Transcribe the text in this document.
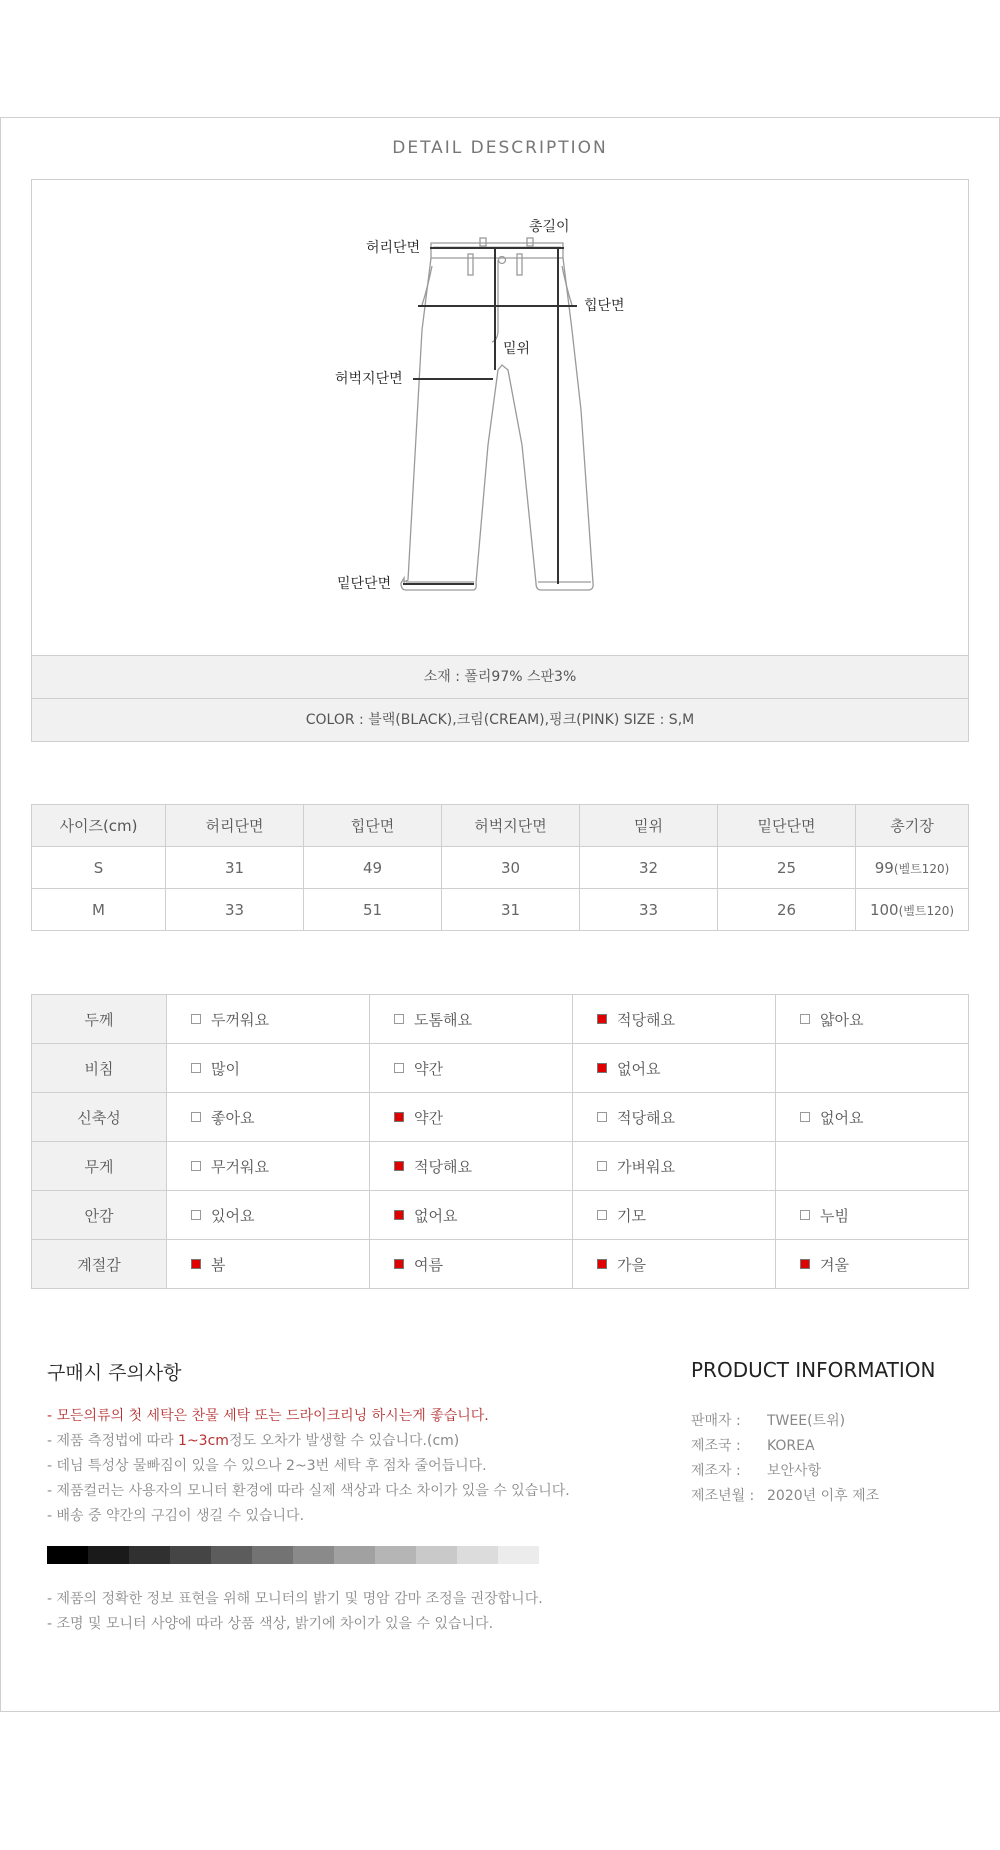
DETAIL DESCRIPTION
총길이
허리단면
힙단면
밑위
허벅지단면
밑단단면
소재 : 폴리97% 스판3%
COLOR : 블랙(BLACK),크림(CREAM),핑크(PINK) SIZE : S,M
사이즈(cm)	허리단면	힙단면	허벅지단면	밑위	밑단단면	총기장
S	31	49	30	32	25	99(벨트120)
M	33	51	31	33	26	100(벨트120)
두께	두꺼워요	도톰해요	적당해요	얇아요
비침	많이	약간	없어요	
신축성	좋아요	약간	적당해요	없어요
무게	무거워요	적당해요	가벼워요	
안감	있어요	없어요	기모	누빔
계절감	봄	여름	가을	겨울
구매시 주의사항
- 모든의류의 첫 세탁은 찬물 세탁 또는 드라이크리닝 하시는게 좋습니다.
- 제품 측정법에 따라 1~3cm정도 오차가 발생할 수 있습니다.(cm)
- 데님 특성상 물빠짐이 있을 수 있으나 2~3번 세탁 후 점차 줄어듭니다.
- 제품컬러는 사용자의 모니터 환경에 따라 실제 색상과 다소 차이가 있을 수 있습니다.
- 배송 중 약간의 구김이 생길 수 있습니다.
- 제품의 정확한 정보 표현을 위해 모니터의 밝기 및 명암 감마 조정을 권장합니다.
- 조명 및 모니터 사양에 따라 상품 색상, 밝기에 차이가 있을 수 있습니다.
PRODUCT INFORMATION
판매자 : TWEE(트위)
제조국 : KOREA
제조자 : 보안사항
제조년월 : 2020년 이후 제조
